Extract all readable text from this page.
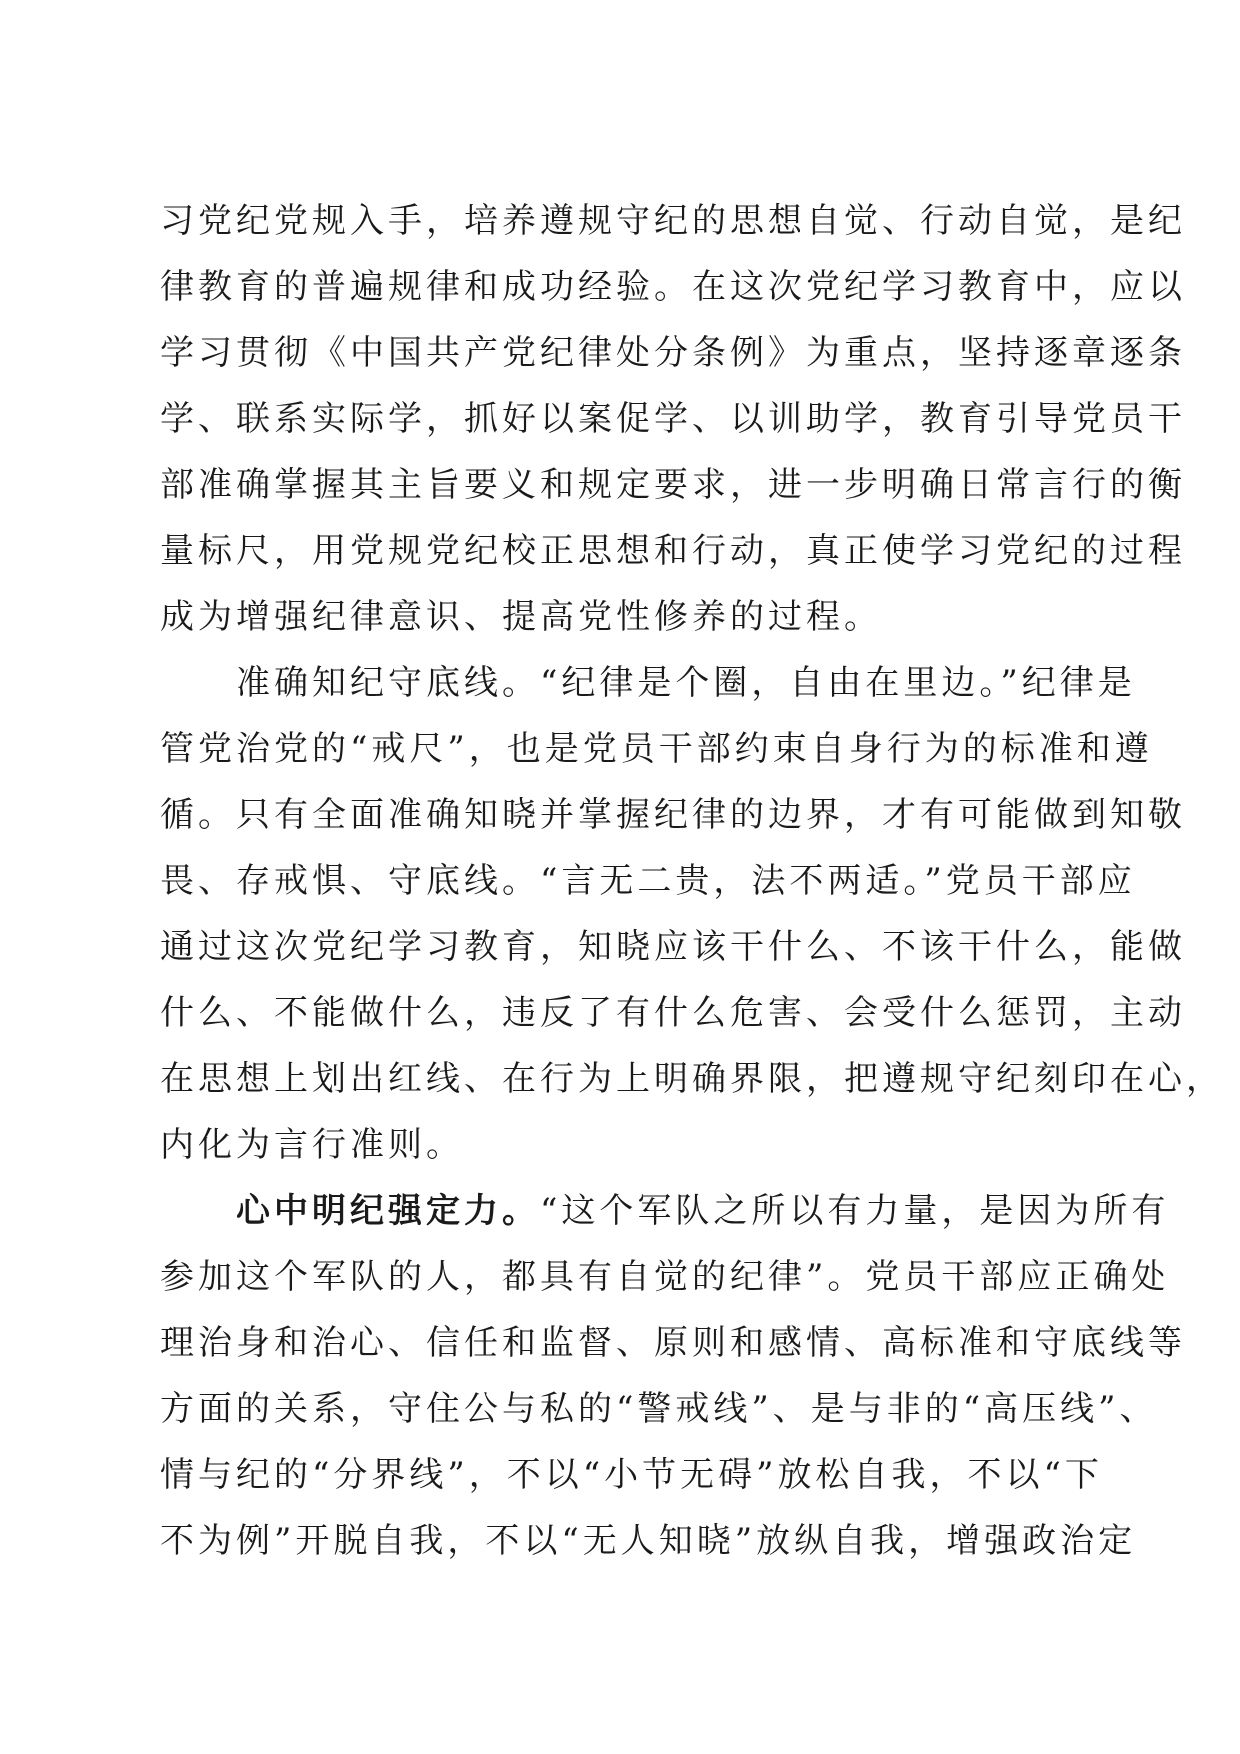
习党纪党规入手，培养遵规守纪的思想自觉、行动自觉，是纪
律教育的普遍规律和成功经验。在这次党纪学习教育中，应以
学习贯彻《中国共产党纪律处分条例》为重点，坚持逐章逐条
学、联系实际学，抓好以案促学、以训助学，教育引导党员干
部准确掌握其主旨要义和规定要求，进一步明确日常言行的衡
量标尺，用党规党纪校正思想和行动，真正使学习党纪的过程
成为增强纪律意识、提高党性修养的过程。
准确知纪守底线。“纪律是个圈，自由在里边。”纪律是
管党治党的“戒尺”，也是党员干部约束自身行为的标准和遵
循。只有全面准确知晓并掌握纪律的边界，才有可能做到知敬
畏、存戒惧、守底线。“言无二贵，法不两适。”党员干部应
通过这次党纪学习教育，知晓应该干什么、不该干什么，能做
什么、不能做什么，违反了有什么危害、会受什么惩罚，主动
在思想上划出红线、在行为上明确界限，把遵规守纪刻印在心，
内化为言行准则。
心中明纪强定力。“这个军队之所以有力量，是因为所有
参加这个军队的人，都具有自觉的纪律”。党员干部应正确处
理治身和治心、信任和监督、原则和感情、高标准和守底线等
方面的关系，守住公与私的“警戒线”、是与非的“高压线”、
情与纪的“分界线”，不以“小节无碍”放松自我，不以“下
不为例”开脱自我，不以“无人知晓”放纵自我，增强政治定
